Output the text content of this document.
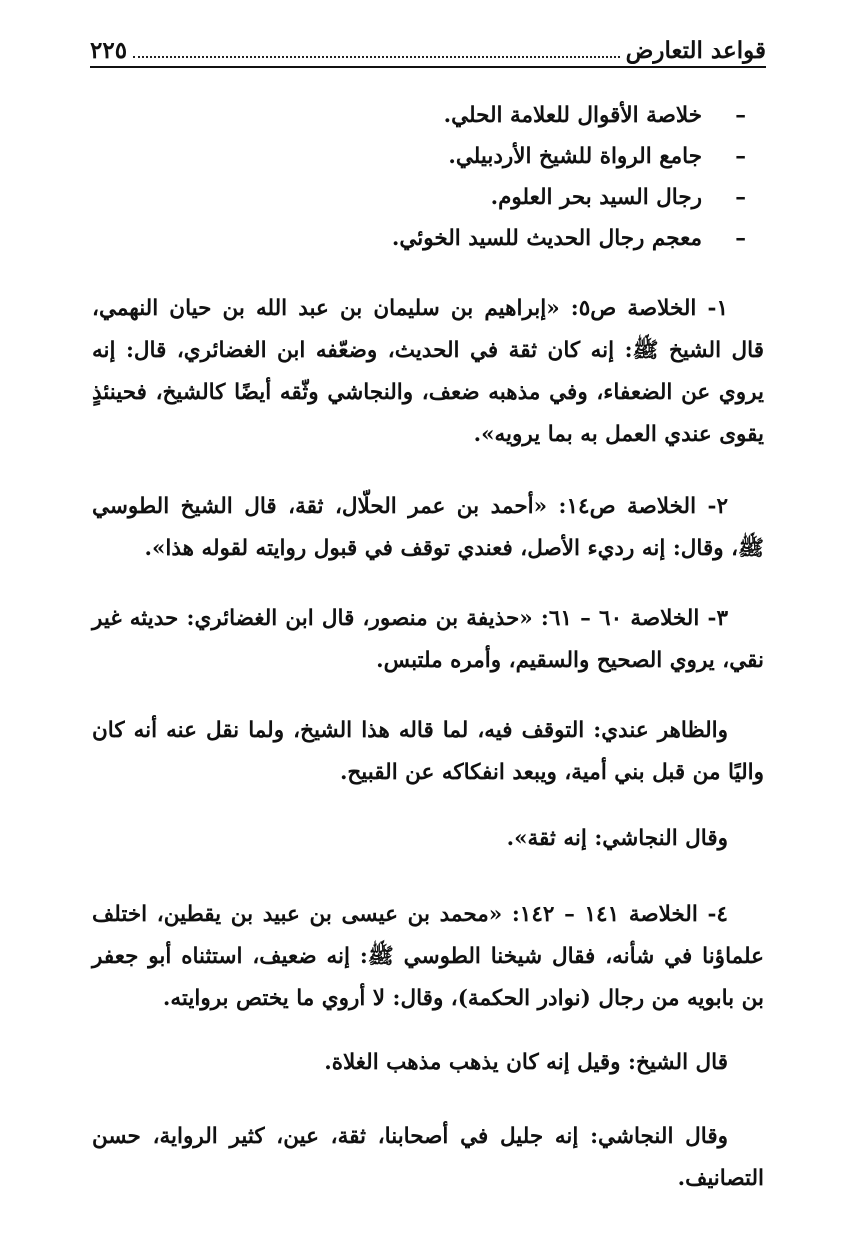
قواعد التعارض
٢٢٥
–خلاصة الأقوال للعلامة الحلي.
–جامع الرواة للشيخ الأردبيلي.
–رجال السيد بحر العلوم.
–معجم رجال الحديث للسيد الخوئي.

١- الخلاصة ص٥: «إبراهيم بن سليمان بن عبد الله بن حيان النهمي، قال الشيخ ﷺ: إنه كان ثقة في الحديث، وضعّفه ابن الغضائري، قال: إنه يروي عن الضعفاء، وفي مذهبه ضعف، والنجاشي وثّقه أيضًا كالشيخ، فحينئذٍ يقوى عندي العمل به بما يرويه».

٢- الخلاصة ص١٤: «أحمد بن عمر الحلّال، ثقة، قال الشيخ الطوسي ﷺ، وقال: إنه رديء الأصل، فعندي توقف في قبول روايته لقوله هذا».

٣- الخلاصة ٦٠ – ٦١: «حذيفة بن منصور، قال ابن الغضائري: حديثه غير نقي، يروي الصحيح والسقيم، وأمره ملتبس.

والظاهر عندي: التوقف فيه، لما قاله هذا الشيخ، ولما نقل عنه أنه كان واليًا من قبل بني أمية، ويبعد انفكاكه عن القبيح.

وقال النجاشي: إنه ثقة».

٤- الخلاصة ١٤١ – ١٤٢: «محمد بن عيسى بن عبيد بن يقطين، اختلف علماؤنا في شأنه، فقال شيخنا الطوسي ﷺ: إنه ضعيف، استثناه أبو جعفر بن بابويه من رجال (نوادر الحكمة)، وقال: لا أروي ما يختص بروايته.

قال الشيخ: وقيل إنه كان يذهب مذهب الغلاة.

وقال النجاشي: إنه جليل في أصحابنا، ثقة، عين، كثير الرواية، حسن التصانيف.
